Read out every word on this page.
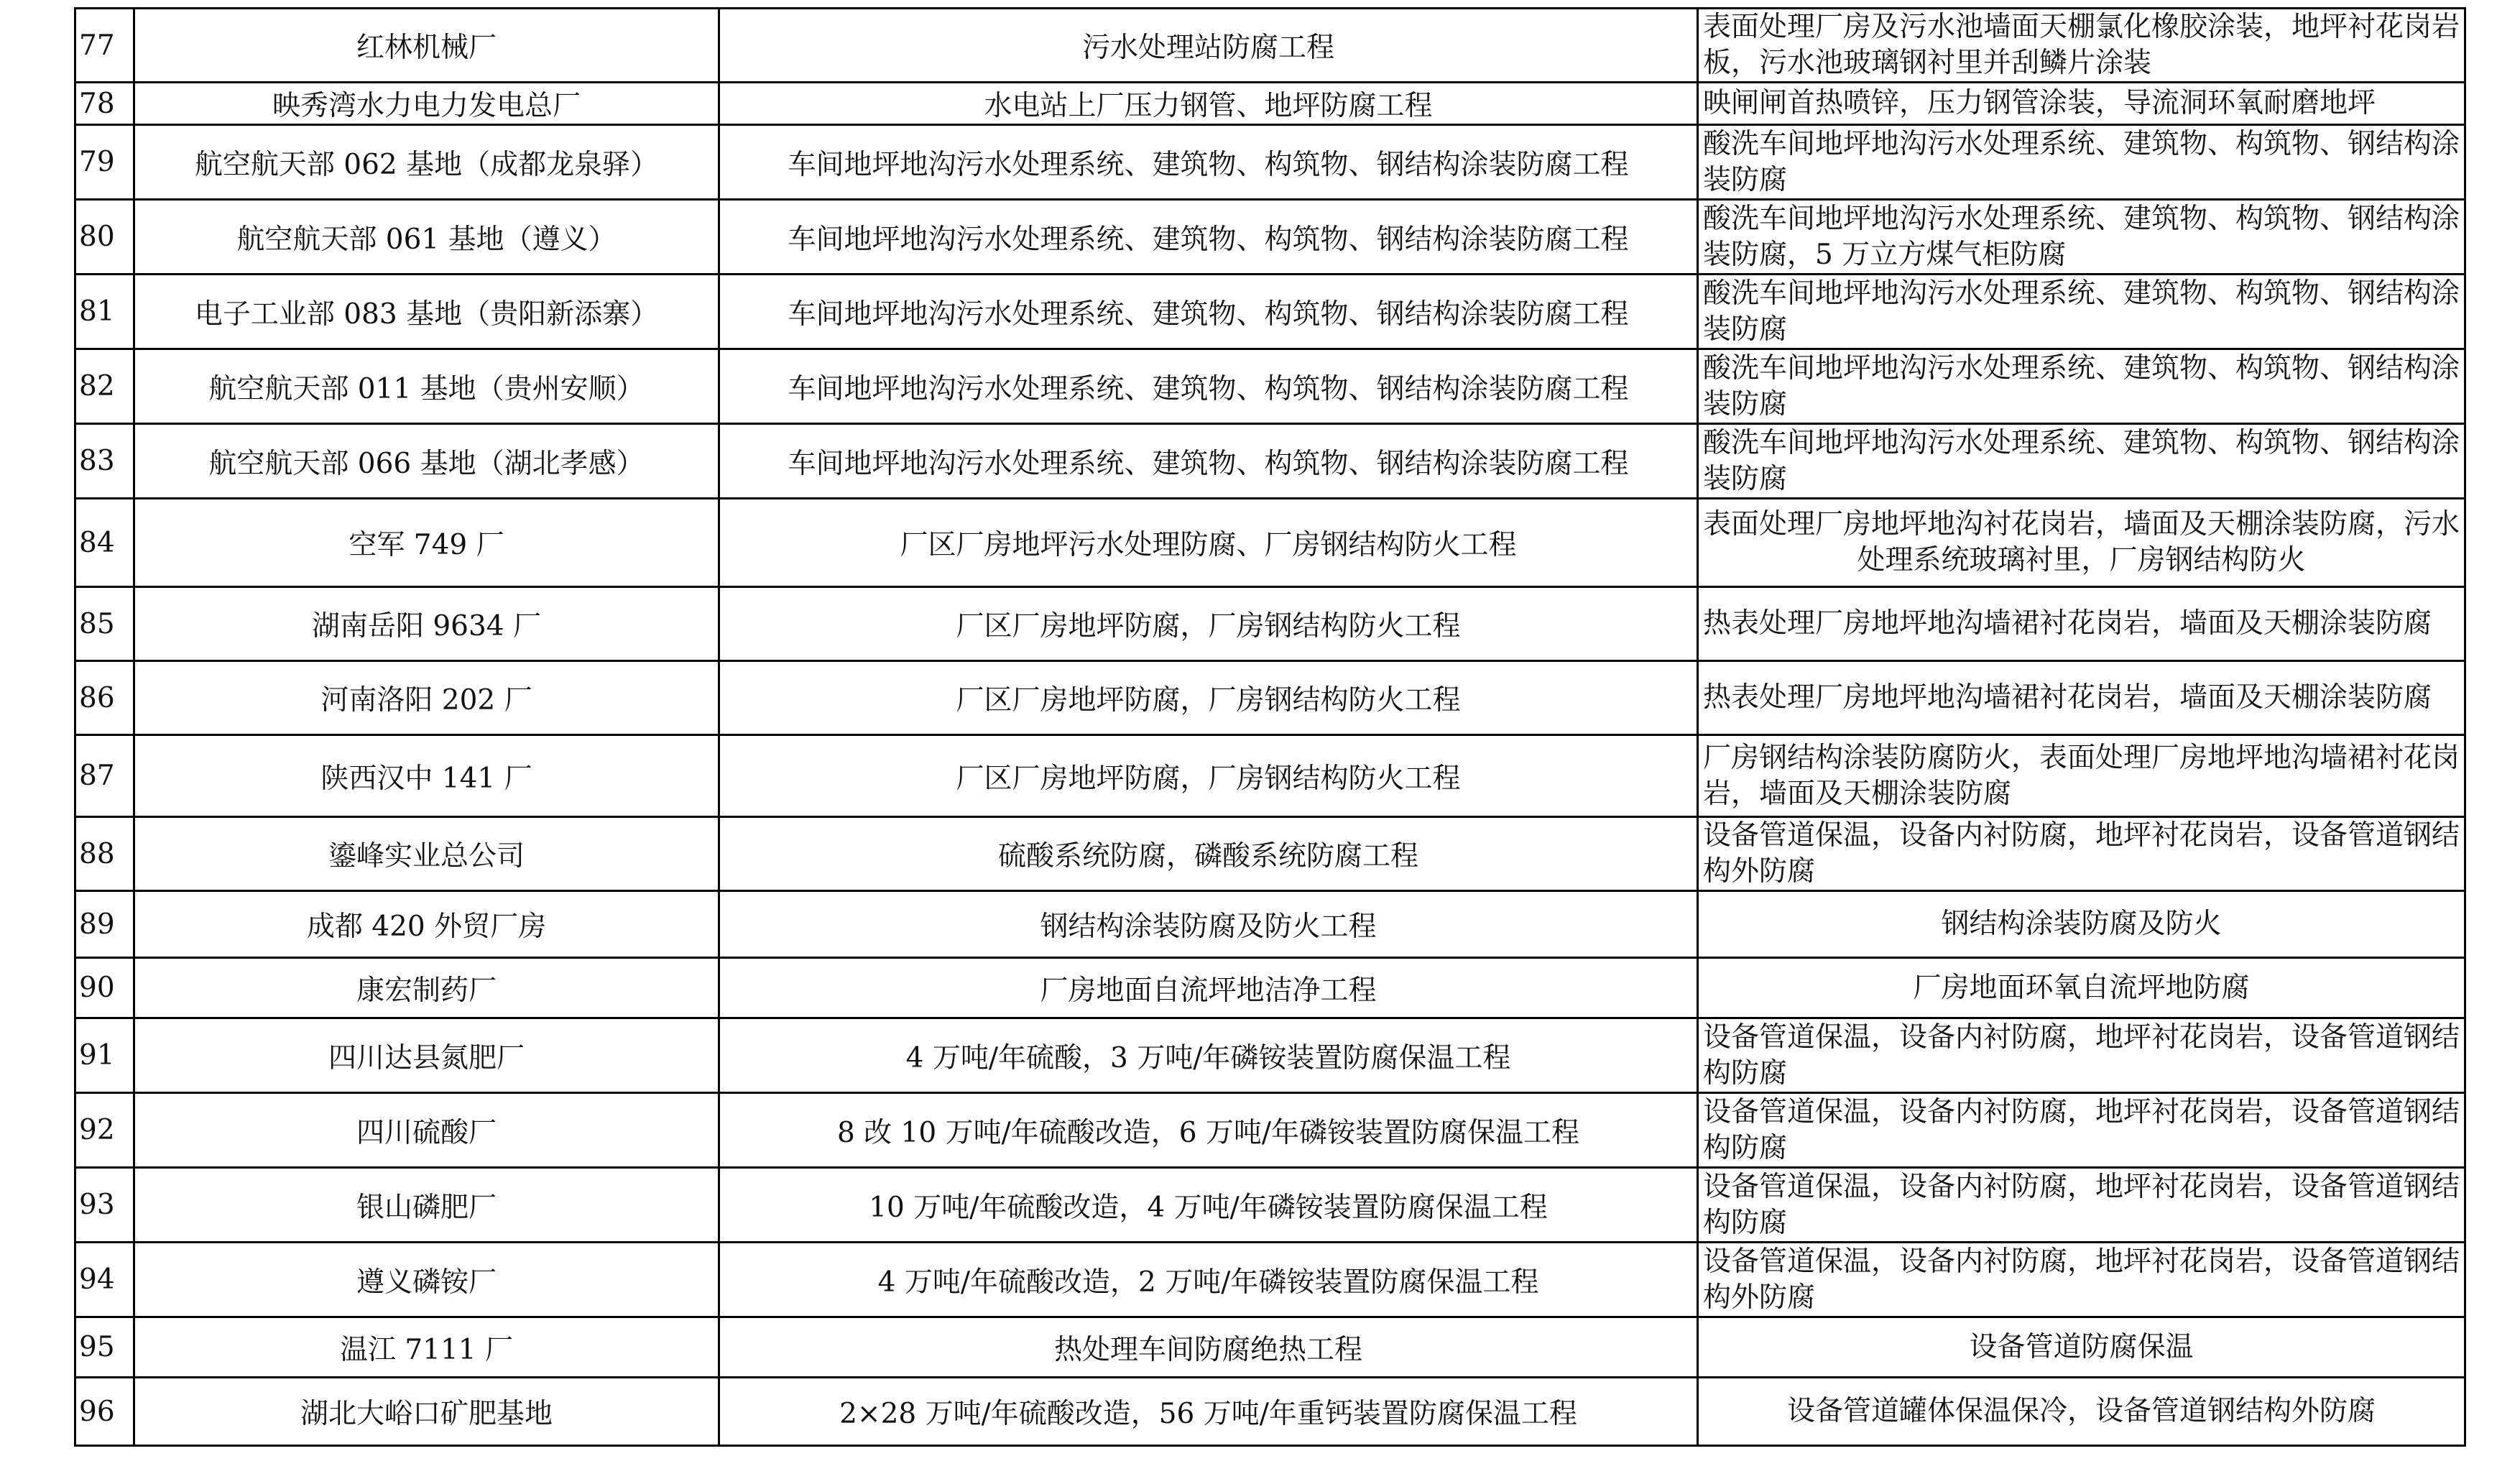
77	红林机械厂	污水处理站防腐工程	表面处理厂房及污水池墙面天棚氯化橡胶涂装，地坪衬花岗岩板，污水池玻璃钢衬里并刮鳞片涂装
78	映秀湾水力电力发电总厂	水电站上厂压力钢管、地坪防腐工程	映闸闸首热喷锌，压力钢管涂装，导流洞环氧耐磨地坪
79	航空航天部 062 基地（成都龙泉驿）	车间地坪地沟污水处理系统、建筑物、构筑物、钢结构涂装防腐工程	酸洗车间地坪地沟污水处理系统、建筑物、构筑物、钢结构涂装防腐
80	航空航天部 061 基地（遵义）	车间地坪地沟污水处理系统、建筑物、构筑物、钢结构涂装防腐工程	酸洗车间地坪地沟污水处理系统、建筑物、构筑物、钢结构涂装防腐，5 万立方煤气柜防腐
81	电子工业部 083 基地（贵阳新添寨）	车间地坪地沟污水处理系统、建筑物、构筑物、钢结构涂装防腐工程	酸洗车间地坪地沟污水处理系统、建筑物、构筑物、钢结构涂装防腐
82	航空航天部 011 基地（贵州安顺）	车间地坪地沟污水处理系统、建筑物、构筑物、钢结构涂装防腐工程	酸洗车间地坪地沟污水处理系统、建筑物、构筑物、钢结构涂装防腐
83	航空航天部 066 基地（湖北孝感）	车间地坪地沟污水处理系统、建筑物、构筑物、钢结构涂装防腐工程	酸洗车间地坪地沟污水处理系统、建筑物、构筑物、钢结构涂装防腐
84	空军 749 厂	厂区厂房地坪污水处理防腐、厂房钢结构防火工程	表面处理厂房地坪地沟衬花岗岩，墙面及天棚涂装防腐，污水处理系统玻璃衬里，厂房钢结构防火
85	湖南岳阳 9634 厂	厂区厂房地坪防腐，厂房钢结构防火工程	热表处理厂房地坪地沟墙裙衬花岗岩，墙面及天棚涂装防腐
86	河南洛阳 202 厂	厂区厂房地坪防腐，厂房钢结构防火工程	热表处理厂房地坪地沟墙裙衬花岗岩，墙面及天棚涂装防腐
87	陕西汉中 141 厂	厂区厂房地坪防腐，厂房钢结构防火工程	厂房钢结构涂装防腐防火，表面处理厂房地坪地沟墙裙衬花岗岩，墙面及天棚涂装防腐
88	鎏峰实业总公司	硫酸系统防腐，磷酸系统防腐工程	设备管道保温，设备内衬防腐，地坪衬花岗岩，设备管道钢结构外防腐
89	成都 420 外贸厂房	钢结构涂装防腐及防火工程	钢结构涂装防腐及防火
90	康宏制药厂	厂房地面自流坪地洁净工程	厂房地面环氧自流坪地防腐
91	四川达县氮肥厂	4 万吨/年硫酸，3 万吨/年磷铵装置防腐保温工程	设备管道保温，设备内衬防腐，地坪衬花岗岩，设备管道钢结构防腐
92	四川硫酸厂	8 改 10 万吨/年硫酸改造，6 万吨/年磷铵装置防腐保温工程	设备管道保温，设备内衬防腐，地坪衬花岗岩，设备管道钢结构防腐
93	银山磷肥厂	10 万吨/年硫酸改造，4 万吨/年磷铵装置防腐保温工程	设备管道保温，设备内衬防腐，地坪衬花岗岩，设备管道钢结构防腐
94	遵义磷铵厂	4 万吨/年硫酸改造，2 万吨/年磷铵装置防腐保温工程	设备管道保温，设备内衬防腐，地坪衬花岗岩，设备管道钢结构外防腐
95	温江 7111 厂	热处理车间防腐绝热工程	设备管道防腐保温
96	湖北大峪口矿肥基地	2×28 万吨/年硫酸改造，56 万吨/年重钙装置防腐保温工程	设备管道罐体保温保冷，设备管道钢结构外防腐
